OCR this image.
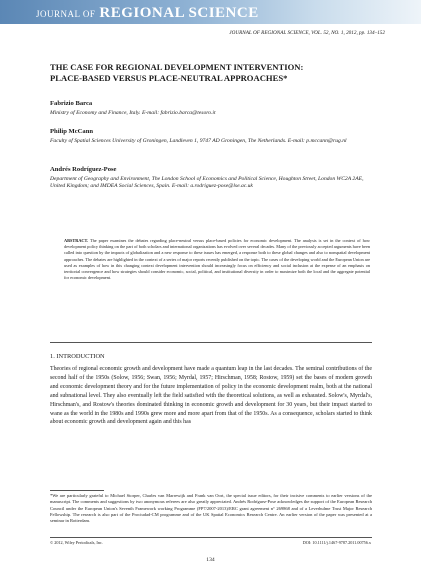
JOURNAL OF REGIONAL SCIENCE
JOURNAL OF REGIONAL SCIENCE, VOL. 52, NO. 1, 2012, pp. 134–152
THE CASE FOR REGIONAL DEVELOPMENT INTERVENTION:
PLACE-BASED VERSUS PLACE-NEUTRAL APPROACHES*
Fabrizio Barca
Ministry of Economy and Finance, Italy. E-mail: fabrizio.barca@tesoro.it
Philip McCann
Faculty of Spatial Sciences University of Groningen, Landleven 1, 9747 AD Groningen, The Netherlands. E-mail: p.mccann@rug.nl
Andrés Rodríguez-Pose
Department of Geography and Environment, The London School of Economics and Political Science, Houghton Street, London WC2A 2AE, United Kingdom; and IMDEA Social Sciences, Spain. E-mail: a.rodriguez-pose@lse.ac.uk
ABSTRACT. The paper examines the debates regarding place-neutral versus place-based policies for economic development. The analysis is set in the context of how development policy thinking on the part of both scholars and international organizations has evolved over several decades. Many of the previously accepted arguments have been called into question by the impacts of globalization and a new response to these issues has emerged, a response both to these global changes and also to nonspatial development approaches. The debates are highlighted in the context of a series of major reports recently published on the topic. The cases of the developing world and the European Union are used as examples of how in this changing context development intervention should increasingly focus on efficiency and social inclusion at the expense of an emphasis on territorial convergence and how strategies should consider economic, social, political, and institutional diversity in order to maximize both the local and the aggregate potential for economic development.
1. INTRODUCTION
Theories of regional economic growth and development have made a quantum leap in the last decades. The seminal contributions of the second half of the 1950s (Solow, 1956; Swan, 1956; Myrdal, 1957; Hirschman, 1958; Rostow, 1959) set the bases of modern growth and economic development theory and for the future implementation of policy in the economic development realm, both at the national and subnational level. They also eventually left the field satisfied with the theoretical solutions, as well as exhausted. Solow's, Myrdal's, Hirschman's, and Rostow's theories dominated thinking in economic growth and development for 30 years, but their impact started to wane as the world in the 1980s and 1990s grew more and more apart from that of the 1950s. As a consequence, scholars started to think about economic growth and development again and this has
*We are particularly grateful to Michael Storper, Charles van Marrewijk and Frank van Oort, the special issue editors, for their incisive comments to earlier versions of the manuscript. The comments and suggestions by two anonymous referees are also greatly appreciated. Andrés Rodríguez-Pose acknowledges the support of the European Research Council under the European Union's Seventh Framework working Programme (FP7/2007-2013)/ERC grant agreement n° 269868 and of a Leverhulme Trust Major Research Fellowship. The research is also part of the Prociudad-CM programme and of the UK Spatial Economics Research Centre. An earlier version of the paper was presented at a seminar in Rotterdam.
© 2012, Wiley Periodicals, Inc.	DOI: 10.1111/j.1467-9787.2011.00756.x
134
